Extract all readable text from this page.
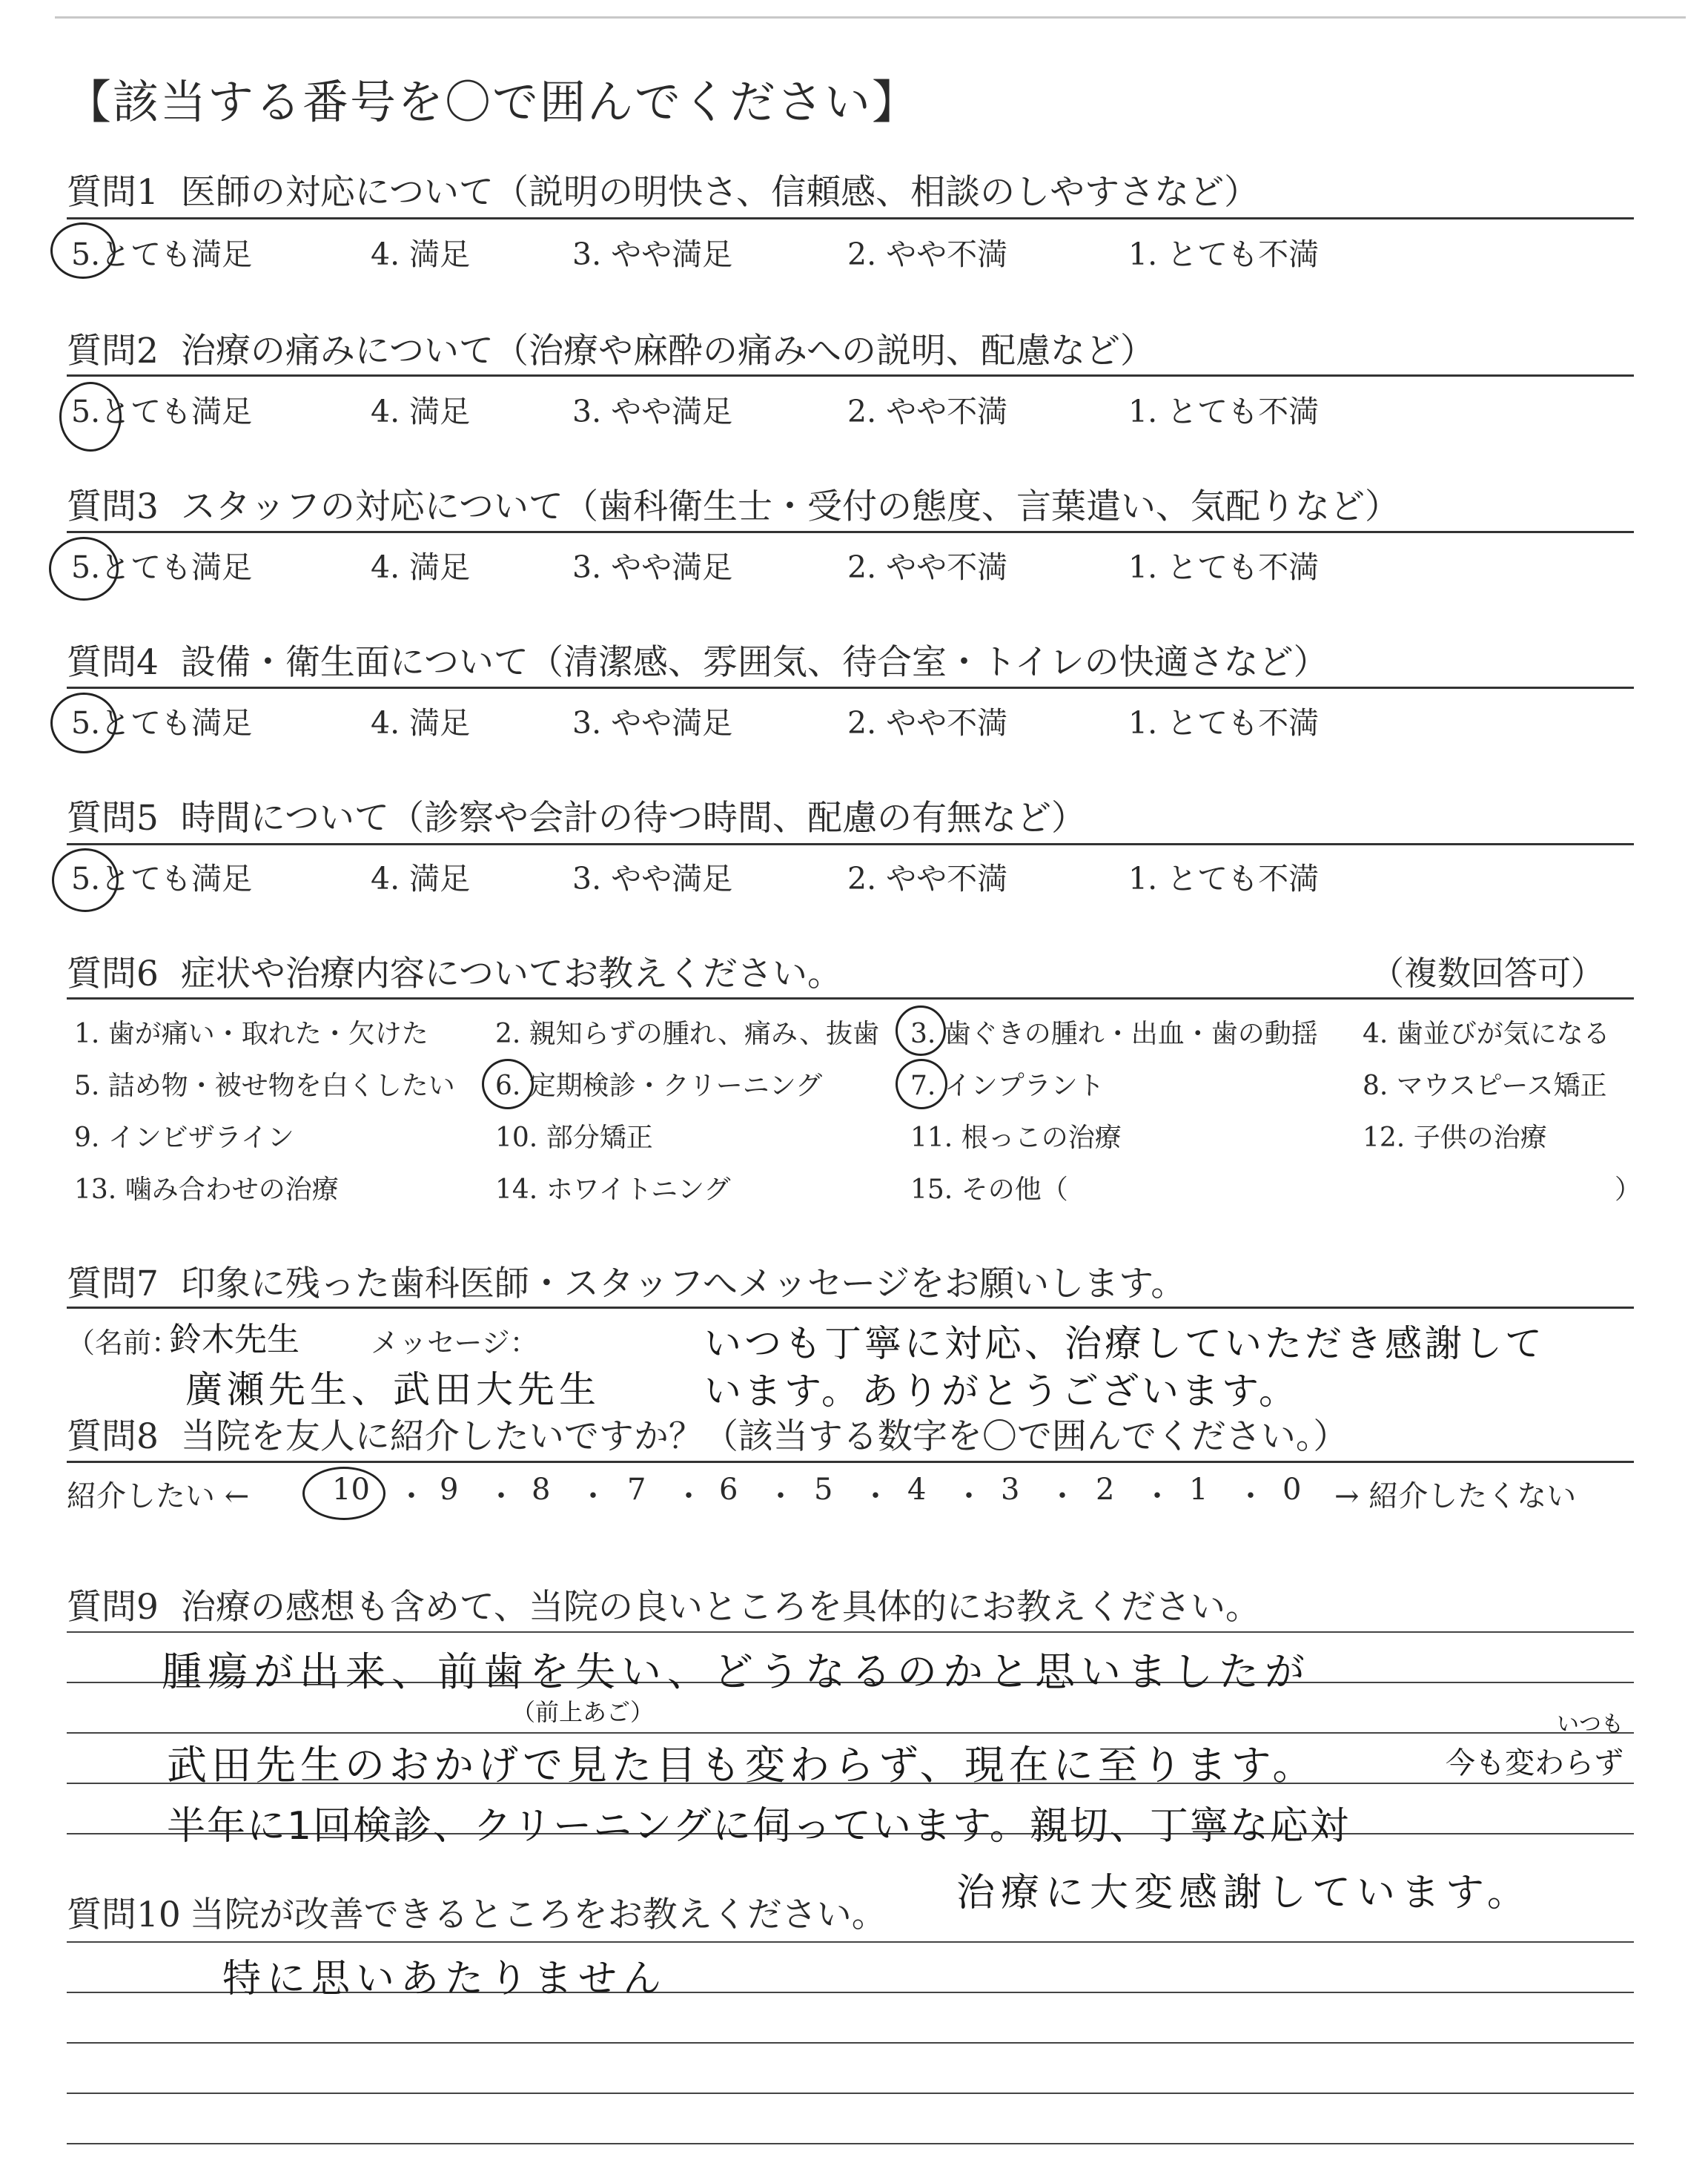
【該当する番号を〇で囲んでください】
質問1 医師の対応について（説明の明快さ、信頼感、相談のしやすさなど）
5.とても満足	4. 満足	3. やや満足	2. やや不満	1. とても不満
質問2 治療の痛みについて（治療や麻酔の痛みへの説明、配慮など）
5.とても満足	4. 満足	3. やや満足	2. やや不満	1. とても不満
質問3 スタッフの対応について（歯科衛生士・受付の態度、言葉遣い、気配りなど）
5.とても満足	4. 満足	3. やや満足	2. やや不満	1. とても不満
質問4 設備・衛生面について（清潔感、雰囲気、待合室・トイレの快適さなど）
5.とても満足	4. 満足	3. やや満足	2. やや不満	1. とても不満
質問5 時間について（診察や会計の待つ時間、配慮の有無など）
5.とても満足	4. 満足	3. やや満足	2. やや不満	1. とても不満
質問6 症状や治療内容についてお教えください。	（複数回答可）
1. 歯が痛い・取れた・欠けた	2. 親知らずの腫れ、痛み、抜歯 3. 歯ぐきの腫れ・出血・歯の動揺 4. 歯並びが気になる
5. 詰め物・被せ物を白くしたい 6. 定期検診・クリーニング	7. インプラント	8. マウスピース矯正
9. インビザライン	10. 部分矯正	11. 根っこの治療	12. 子供の治療
13. 噛み合わせの治療	14. ホワイトニング	15. その他（	）
質問7 印象に残った歯科医師・スタッフへメッセージをお願いします。
（名前：	メッセージ：
鈴木先生
廣瀬先生、武田大先生
いつも丁寧に対応、治療していただき感謝して
います。ありがとうございます。
質問8 当院を友人に紹介したいですか？（該当する数字を〇で囲んでください。）
紹介したい ←	10 ・ 9 ・ 8 ・ 7 ・ 6 ・ 5 ・ 4 ・ 3 ・ 2 ・ 1 ・ 0 → 紹介したくない
質問9 治療の感想も含めて、当院の良いところを具体的にお教えください。
腫瘍が出来、前歯を失い、どうなるのかと思いましたが
（前上あご）	いつも
武田先生のおかげで見た目も変わらず、現在に至ります。	今も変わらず
半年に1回検診、クリーニングに伺っています。親切、丁寧な応対
治療に大変感謝しています。
質問10 当院が改善できるところをお教えください。
特に思いあたりません
